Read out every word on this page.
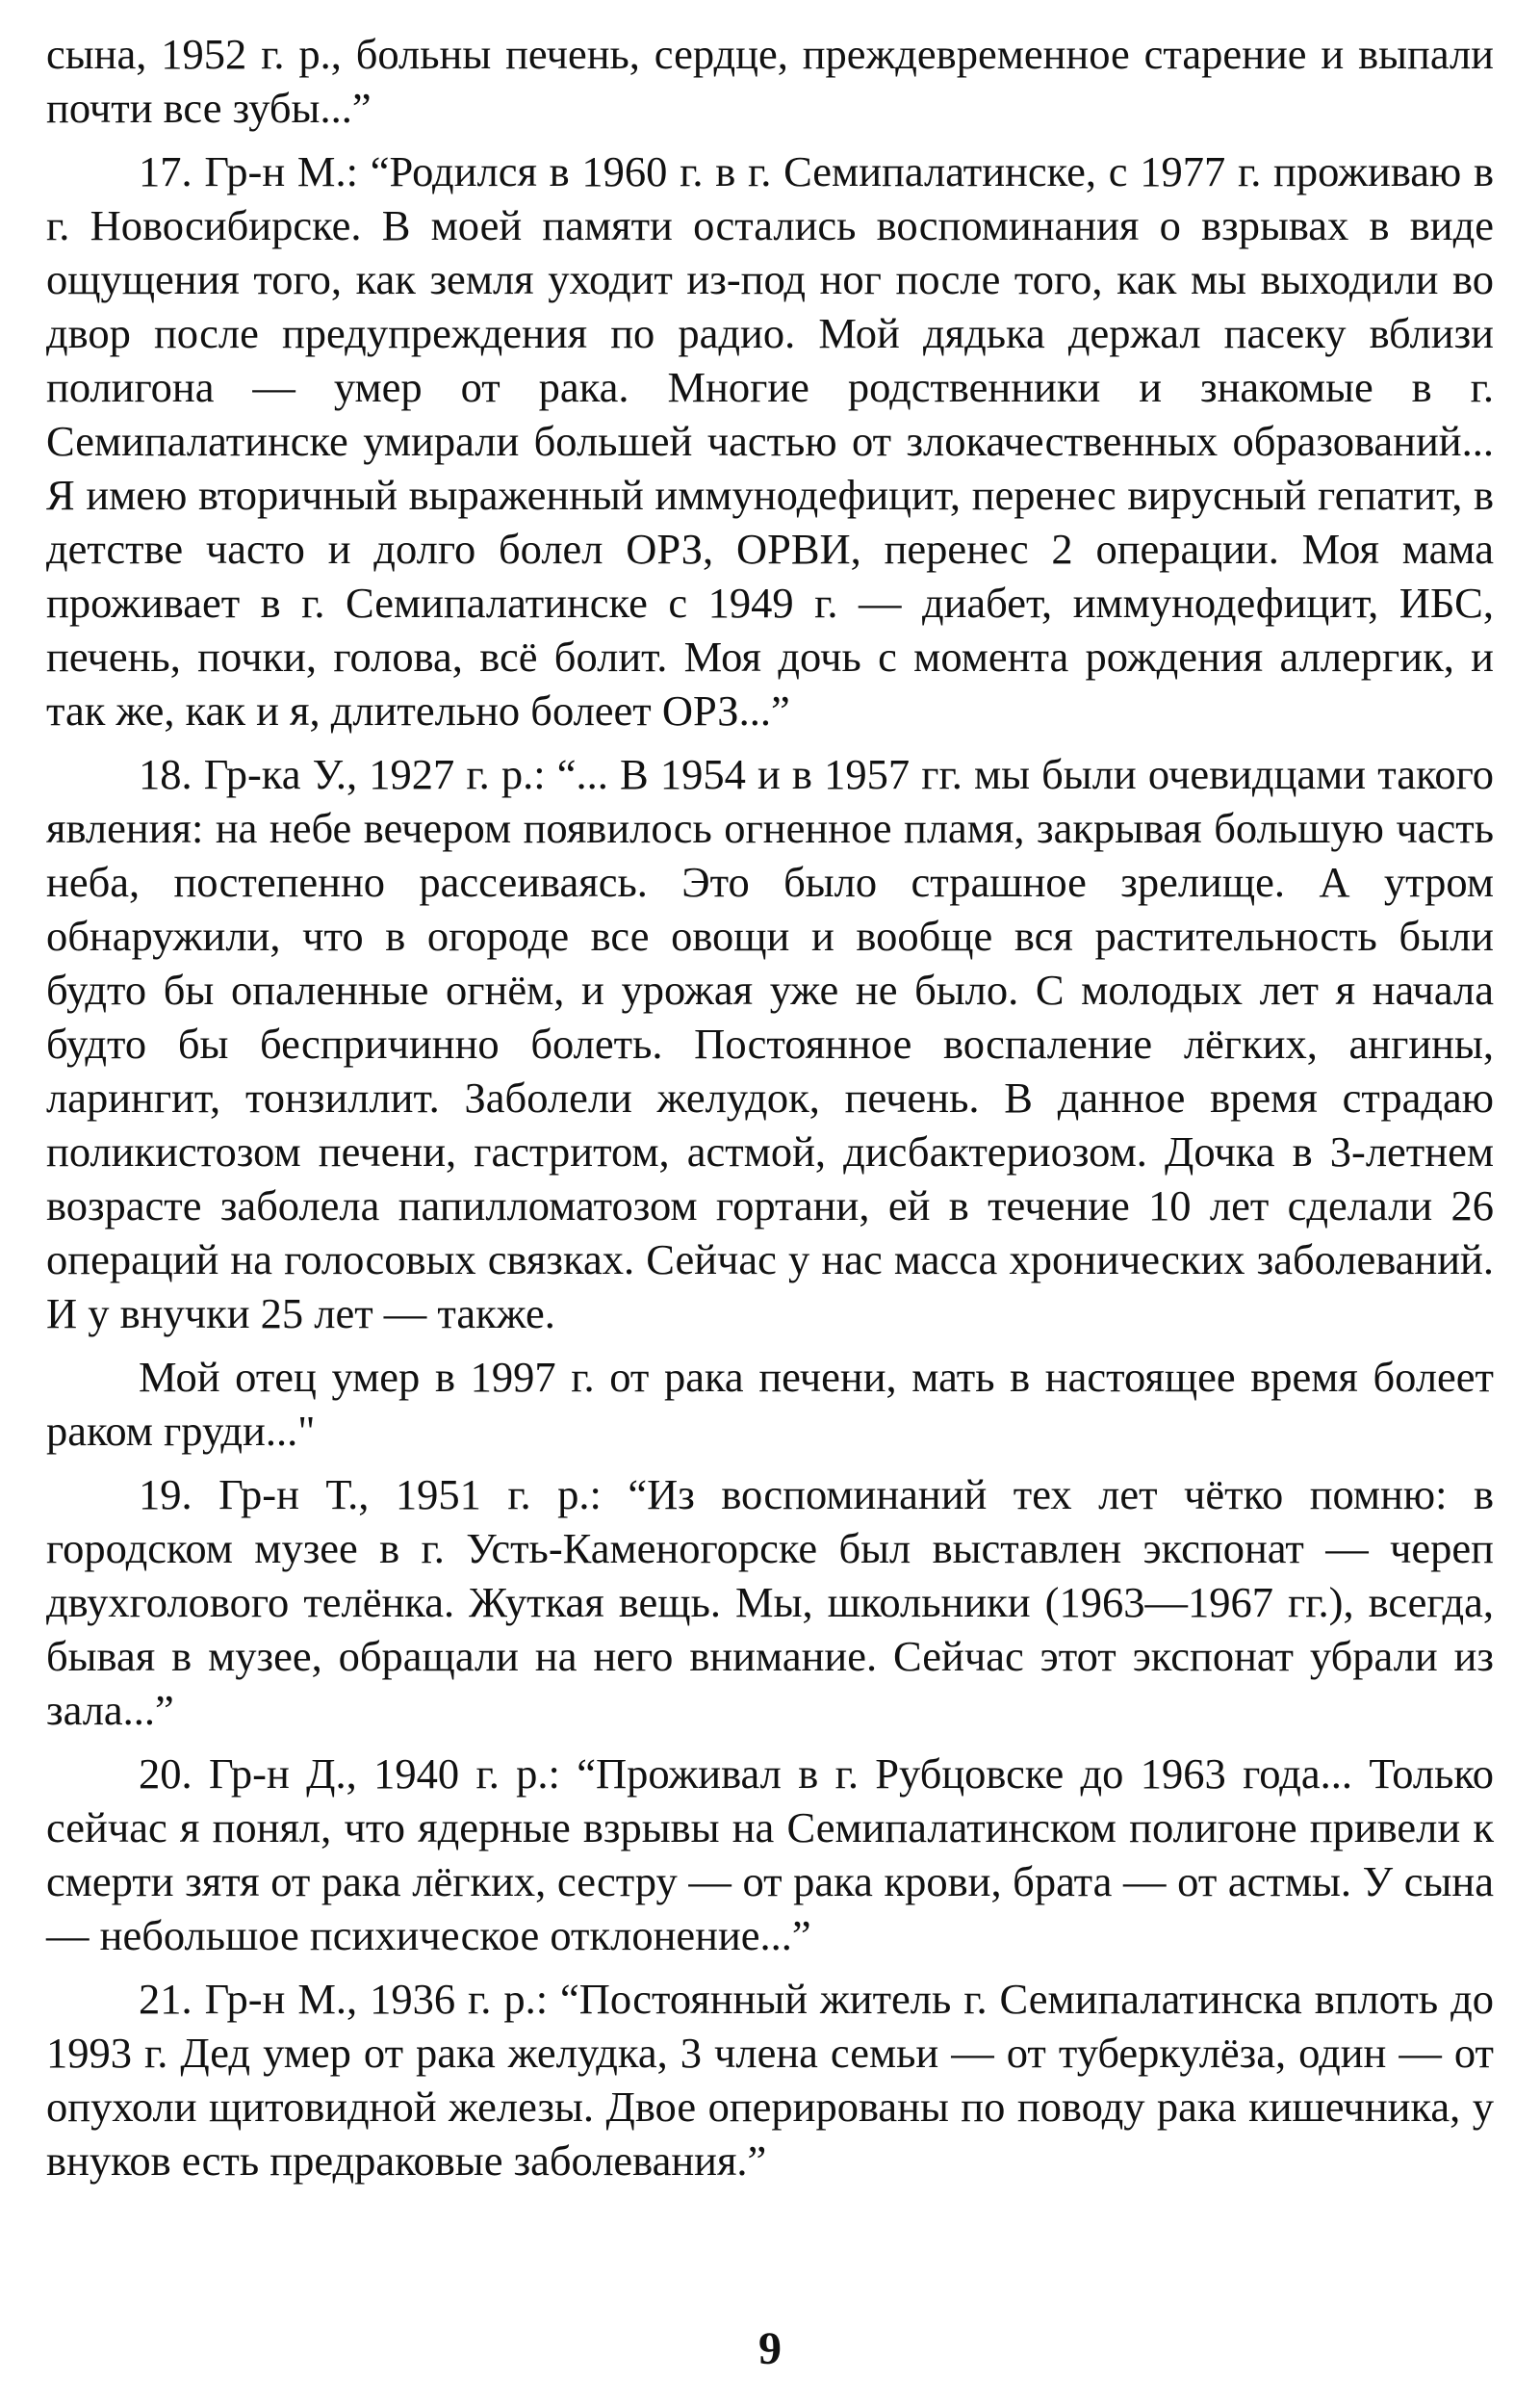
сына, 1952 г. р., больны печень, сердце, преждевременное старение и выпали почти все зубы...”

17. Гр-н М.: “Родился в 1960 г. в г. Семипалатинске, с 1977 г. проживаю в г. Новосибирске. В моей памяти остались воспоминания о взрывах в виде ощущения того, как земля уходит из-под ног после того, как мы выходили во двор после предупреждения по радио. Мой дядька держал пасеку вблизи полигона — умер от рака. Многие родственники и знакомые в г. Семипалатинске умирали большей частью от злокачественных образований... Я имею вторичный выраженный иммунодефицит, перенес вирусный гепатит, в детстве часто и долго болел ОРЗ, ОРВИ, перенес 2 операции. Моя мама проживает в г. Семипалатинске с 1949 г. — диабет, иммунодефицит, ИБС, печень, почки, голова, всё болит. Моя дочь с момента рождения аллергик, и так же, как и я, длительно болеет ОРЗ...”

18. Гр-ка У., 1927 г. р.: “... В 1954 и в 1957 гг. мы были очевидцами такого явления: на небе вечером появилось огненное пламя, закрывая большую часть неба, постепенно рассеиваясь. Это было страшное зрелище. А утром обнаружили, что в огороде все овощи и вообще вся растительность были будто бы опаленные огнём, и урожая уже не было. С молодых лет я начала будто бы беспричинно болеть. Постоянное воспаление лёгких, ангины, ларингит, тонзиллит. Заболели желудок, печень. В данное время страдаю поликистозом печени, гастритом, астмой, дисбактериозом. Дочка в 3-летнем возрасте заболела папилломатозом гортани, ей в течение 10 лет сделали 26 операций на голосовых связках. Сейчас у нас масса хронических заболеваний. И у внучки 25 лет — также.

Мой отец умер в 1997 г. от рака печени, мать в настоящее время болеет раком груди..."

19. Гр-н Т., 1951 г. р.: “Из воспоминаний тех лет чётко помню: в городском музее в г. Усть-Каменогорске был выставлен экспонат — череп двухголового телёнка. Жуткая вещь. Мы, школьники (1963—1967 гг.), всегда, бывая в музее, обращали на него внимание. Сейчас этот экспонат убрали из зала...”

20. Гр-н Д., 1940 г. р.: “Проживал в г. Рубцовске до 1963 года... Только сейчас я понял, что ядерные взрывы на Семипалатинском полигоне привели к смерти зятя от рака лёгких, сестру — от рака крови, брата — от астмы. У сына — небольшое психическое отклонение...”

21. Гр-н М., 1936 г. р.: “Постоянный житель г. Семипалатинска вплоть до 1993 г. Дед умер от рака желудка, 3 члена семьи — от туберкулёза, один — от опухоли щитовидной железы. Двое оперированы по поводу рака кишечника, у внуков есть предраковые заболевания.”

9
